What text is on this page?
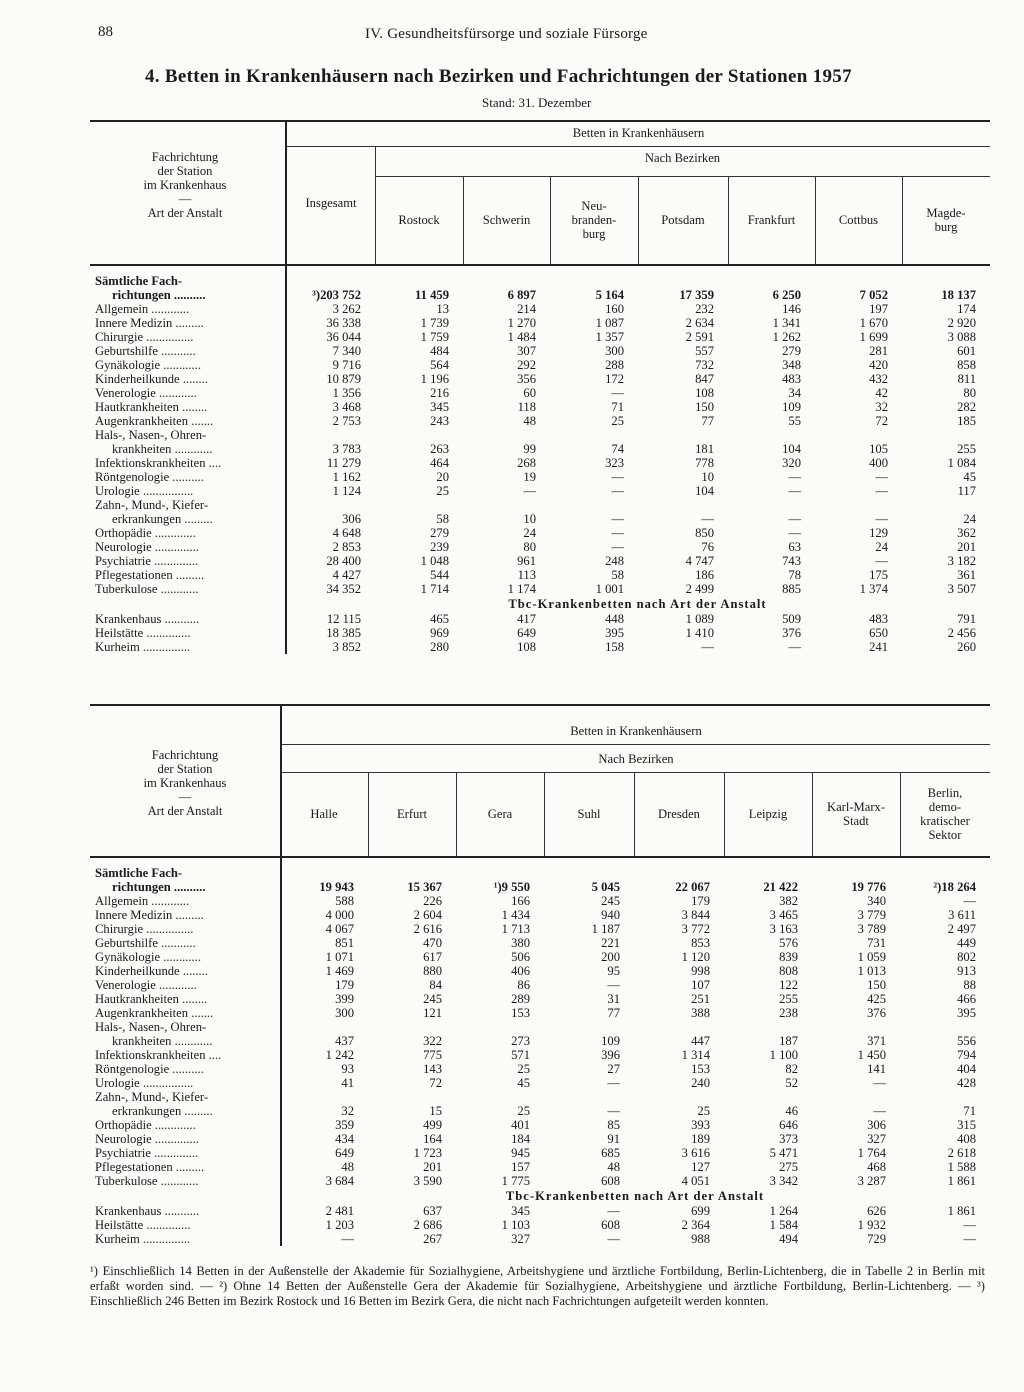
88	IV. Gesundheitsfürsorge und soziale Fürsorge
4. Betten in Krankenhäusern nach Bezirken und Fachrichtungen der Stationen 1957
Stand: 31. Dezember
Fachrichtung
der Station
im Krankenhaus
—
Art der Anstalt
Betten in Krankenhäusern
Insgesamt
Nach Bezirken
Rostock	Schwerin
Neu-
branden-
burg
Potsdam	Frankfurt	Cottbus	Magde-
burg
Sämtliche Fach-
richtungen ..........	³)203 752	11 459	6 897	5 164	17 359	6 250	7 052	18 137
Allgemein ............	3 262	13	214	160	232	146	197	174
Innere Medizin .........	36 338	1 739	1 270	1 087	2 634	1 341	1 670	2 920
Chirurgie ...............	36 044	1 759	1 484	1 357	2 591	1 262	1 699	3 088
Geburtshilfe ...........	7 340	484	307	300	557	279	281	601
Gynäkologie ............	9 716	564	292	288	732	348	420	858
Kinderheilkunde ........	10 879	1 196	356	172	847	483	432	811
Venerologie ............	1 356	216	60	—	108	34	42	80
Hautkrankheiten ........	3 468	345	118	71	150	109	32	282
Augenkrankheiten .......	2 753	243	48	25	77	55	72	185
Hals-, Nasen-, Ohren-
krankheiten ............	3 783	263	99	74	181	104	105	255
Infektionskrankheiten ....	11 279	464	268	323	778	320	400	1 084
Röntgenologie ..........	1 162	20	19	—	10	—	—	45
Urologie ................	1 124	25	—	—	104	—	—	117
Zahn-, Mund-, Kiefer-
erkrankungen .........	306	58	10	—	—	—	—	24
Orthopädie .............	4 648	279	24	—	850	—	129	362
Neurologie ..............	2 853	239	80	—	76	63	24	201
Psychiatrie ..............	28 400	1 048	961	248	4 747	743	—	3 182
Pflegestationen .........	4 427	544	113	58	186	78	175	361
Tuberkulose ............	34 352	1 714	1 174	1 001	2 499	885	1 374	3 507
Tbc-Krankenbetten nach Art der Anstalt
Krankenhaus ...........	12 115	465	417	448	1 089	509	483	791
Heilstätte ..............	18 385	969	649	395	1 410	376	650	2 456
Kurheim ...............	3 852	280	108	158	—	—	241	260
Fachrichtung
der Station
im Krankenhaus
—
Art der Anstalt
Betten in Krankenhäusern
Nach Bezirken
Halle	Erfurt	Gera	Suhl	Dresden	Leipzig	Karl-Marx-
Stadt
Berlin,
demo-
kratischer
Sektor
Sämtliche Fach-
richtungen ..........	19 943	15 367	¹)9 550	5 045	22 067	21 422	19 776	²)18 264
Allgemein ............	588	226	166	245	179	382	340	—
Innere Medizin .........	4 000	2 604	1 434	940	3 844	3 465	3 779	3 611
Chirurgie ...............	4 067	2 616	1 713	1 187	3 772	3 163	3 789	2 497
Geburtshilfe ...........	851	470	380	221	853	576	731	449
Gynäkologie ............	1 071	617	506	200	1 120	839	1 059	802
Kinderheilkunde ........	1 469	880	406	95	998	808	1 013	913
Venerologie ............	179	84	86	—	107	122	150	88
Hautkrankheiten ........	399	245	289	31	251	255	425	466
Augenkrankheiten .......	300	121	153	77	388	238	376	395
Hals-, Nasen-, Ohren-
krankheiten ............	437	322	273	109	447	187	371	556
Infektionskrankheiten ....	1 242	775	571	396	1 314	1 100	1 450	794
Röntgenologie ..........	93	143	25	27	153	82	141	404
Urologie ................	41	72	45	—	240	52	—	428
Zahn-, Mund-, Kiefer-
erkrankungen .........	32	15	25	—	25	46	—	71
Orthopädie .............	359	499	401	85	393	646	306	315
Neurologie ..............	434	164	184	91	189	373	327	408
Psychiatrie ..............	649	1 723	945	685	3 616	5 471	1 764	2 618
Pflegestationen .........	48	201	157	48	127	275	468	1 588
Tuberkulose ............	3 684	3 590	1 775	608	4 051	3 342	3 287	1 861
Tbc-Krankenbetten nach Art der Anstalt
Krankenhaus ...........	2 481	637	345	—	699	1 264	626	1 861
Heilstätte ..............	1 203	2 686	1 103	608	2 364	1 584	1 932	—
Kurheim ...............	—	267	327	—	988	494	729	—
¹) Einschließlich 14 Betten in der Außenstelle der Akademie für Sozialhygiene, Arbeitshygiene und ärztliche Fortbildung, Berlin-Lichtenberg, die in Tabelle 2 in Berlin mit erfaßt worden sind. — ²) Ohne 14 Betten der Außenstelle Gera der Akademie für Sozialhygiene, Arbeitshygiene und ärztliche Fortbildung, Berlin-Lichtenberg. — ³) Einschließlich 246 Betten im Bezirk Rostock und 16 Betten im Bezirk Gera, die nicht nach Fachrichtungen aufgeteilt werden konnten.
